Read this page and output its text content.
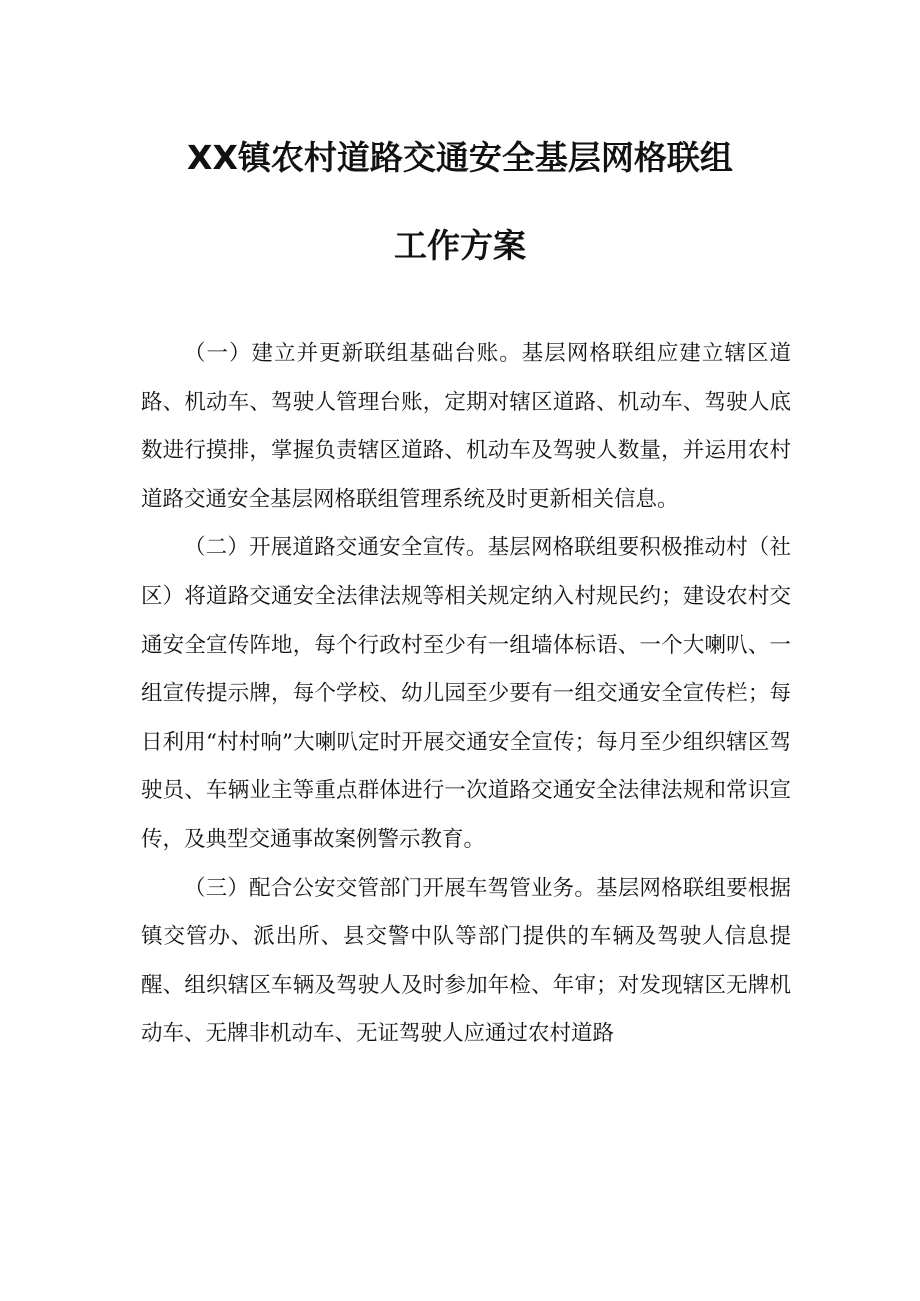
XX镇农村道路交通安全基层网格联组
工作方案

（一）建立并更新联组基础台账。基层网格联组应建立辖区道路、机动车、驾驶人管理台账，定期对辖区道路、机动车、驾驶人底数进行摸排，掌握负责辖区道路、机动车及驾驶人数量，并运用农村道路交通安全基层网格联组管理系统及时更新相关信息。

（二）开展道路交通安全宣传。基层网格联组要积极推动村（社区）将道路交通安全法律法规等相关规定纳入村规民约；建设农村交通安全宣传阵地，每个行政村至少有一组墙体标语、一个大喇叭、一组宣传提示牌，每个学校、幼儿园至少要有一组交通安全宣传栏；每日利用“村村响”大喇叭定时开展交通安全宣传；每月至少组织辖区驾驶员、车辆业主等重点群体进行一次道路交通安全法律法规和常识宣传，及典型交通事故案例警示教育。

（三）配合公安交管部门开展车驾管业务。基层网格联组要根据镇交管办、派出所、县交警中队等部门提供的车辆及驾驶人信息提醒、组织辖区车辆及驾驶人及时参加年检、年审；对发现辖区无牌机动车、无牌非机动车、无证驾驶人应通过农村道路
